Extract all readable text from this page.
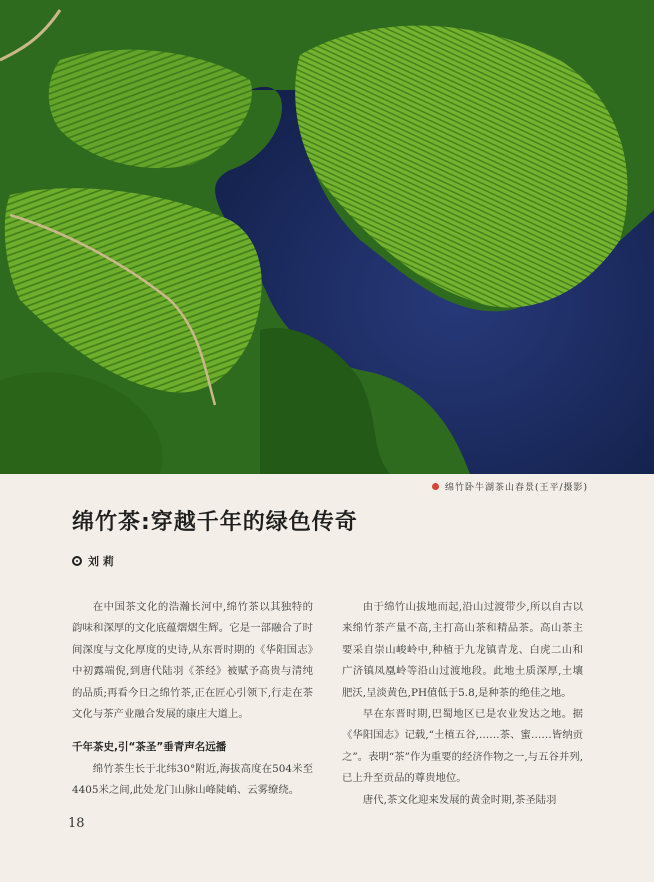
绵竹卧牛湖茶山春景(王平/摄影)
绵竹茶:穿越千年的绿色传奇
刘 莉

在中国茶文化的浩瀚长河中,绵竹茶以其独特的韵味和深厚的文化底蕴熠熠生辉。它是一部融合了时间深度与文化厚度的史诗,从东晋时期的《华阳国志》中初露端倪,到唐代陆羽《茶经》被赋予高贵与清纯的品质;再看今日之绵竹茶,正在匠心引领下,行走在茶文化与茶产业融合发展的康庄大道上。

千年茶史,引“茶圣”垂青声名远播

绵竹茶生长于北纬30°附近,海拔高度在504米至4405米之间,此处龙门山脉山峰陡峭、云雾缭绕。

由于绵竹山拔地而起,沿山过渡带少,所以自古以来绵竹茶产量不高,主打高山茶和精品茶。高山茶主要采自崇山峻岭中,种植于九龙镇青龙、白虎二山和广济镇凤凰岭等沿山过渡地段。此地土质深厚,土壤肥沃,呈淡黄色,PH值低于5.8,是种茶的绝佳之地。

早在东晋时期,巴蜀地区已是农业发达之地。据《华阳国志》记载,“土植五谷,……茶、蜜……皆纳贡之”。表明“茶”作为重要的经济作物之一,与五谷并列,已上升至贡品的尊贵地位。

唐代,茶文化迎来发展的黄金时期,茶圣陆羽

18
